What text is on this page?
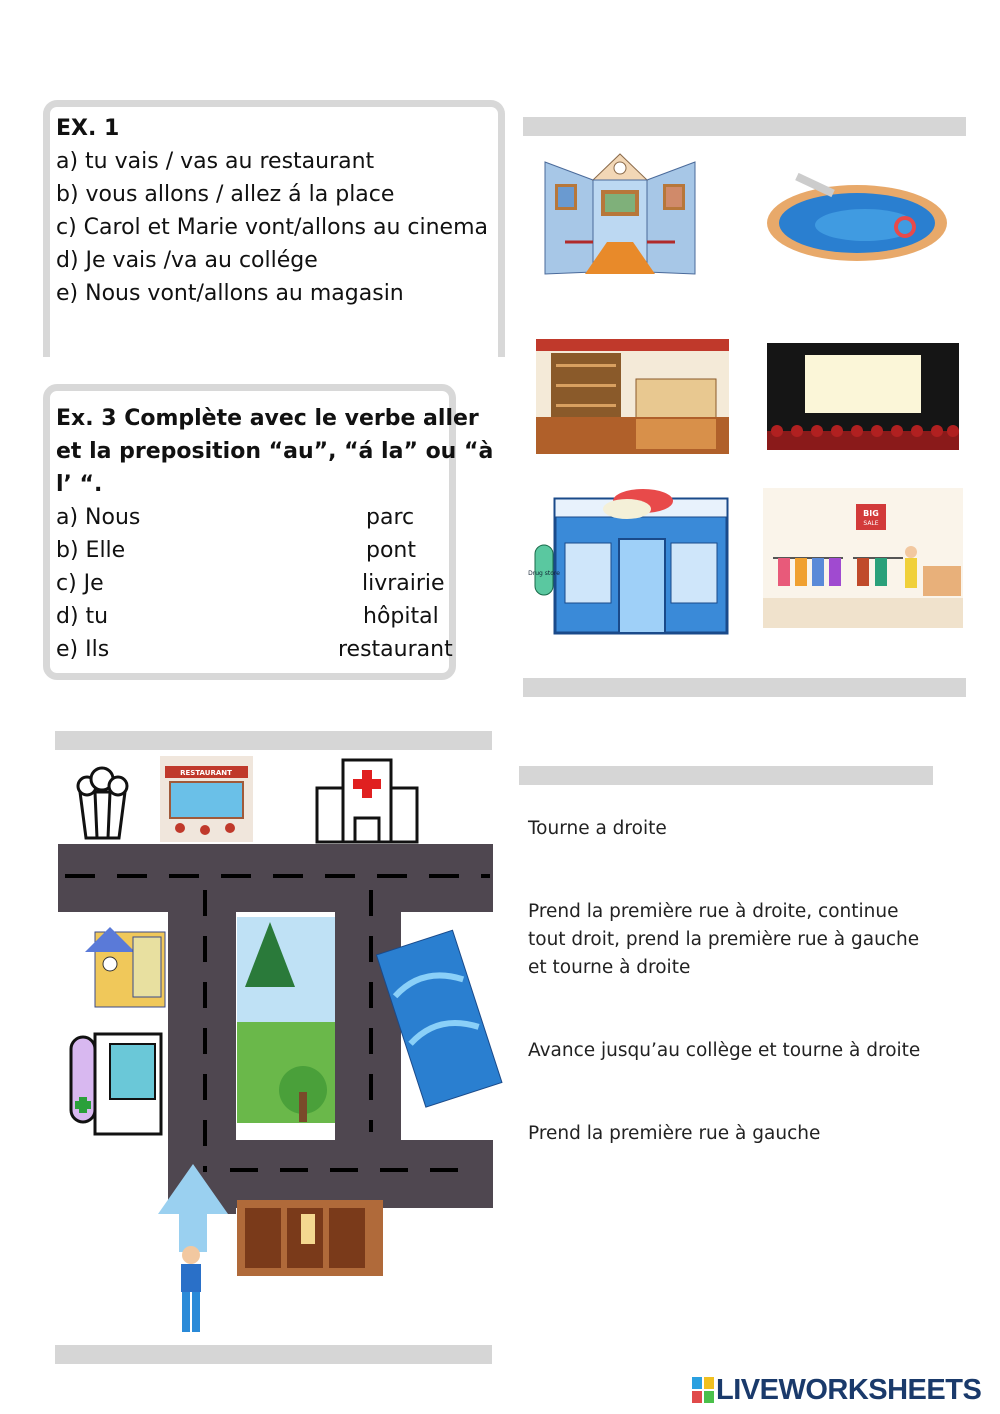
EX. 1
a) tu vais / vas au restaurant
b) vous allons / allez á la place
c) Carol et Marie vont/allons au cinema
d) Je vais /va au collége
e) Nous vont/allons au magasin
Ex. 3 Complète avec le verbe aller
et la preposition “au”, “á la” ou “à
l’ “.
a) Nous	parc
b) Elle	pont
c) Je	livrairie
d) tu	hôpital
e) Ils	restaurant
Drug store
BIG
SALE
RESTAURANT
Tourne a droite
Prend la première rue à droite, continue tout droit, prend la première rue à gauche et tourne à droite
Avance jusqu’au collège et tourne à droite
Prend la première rue à gauche
LIVEWORKSHEETS
